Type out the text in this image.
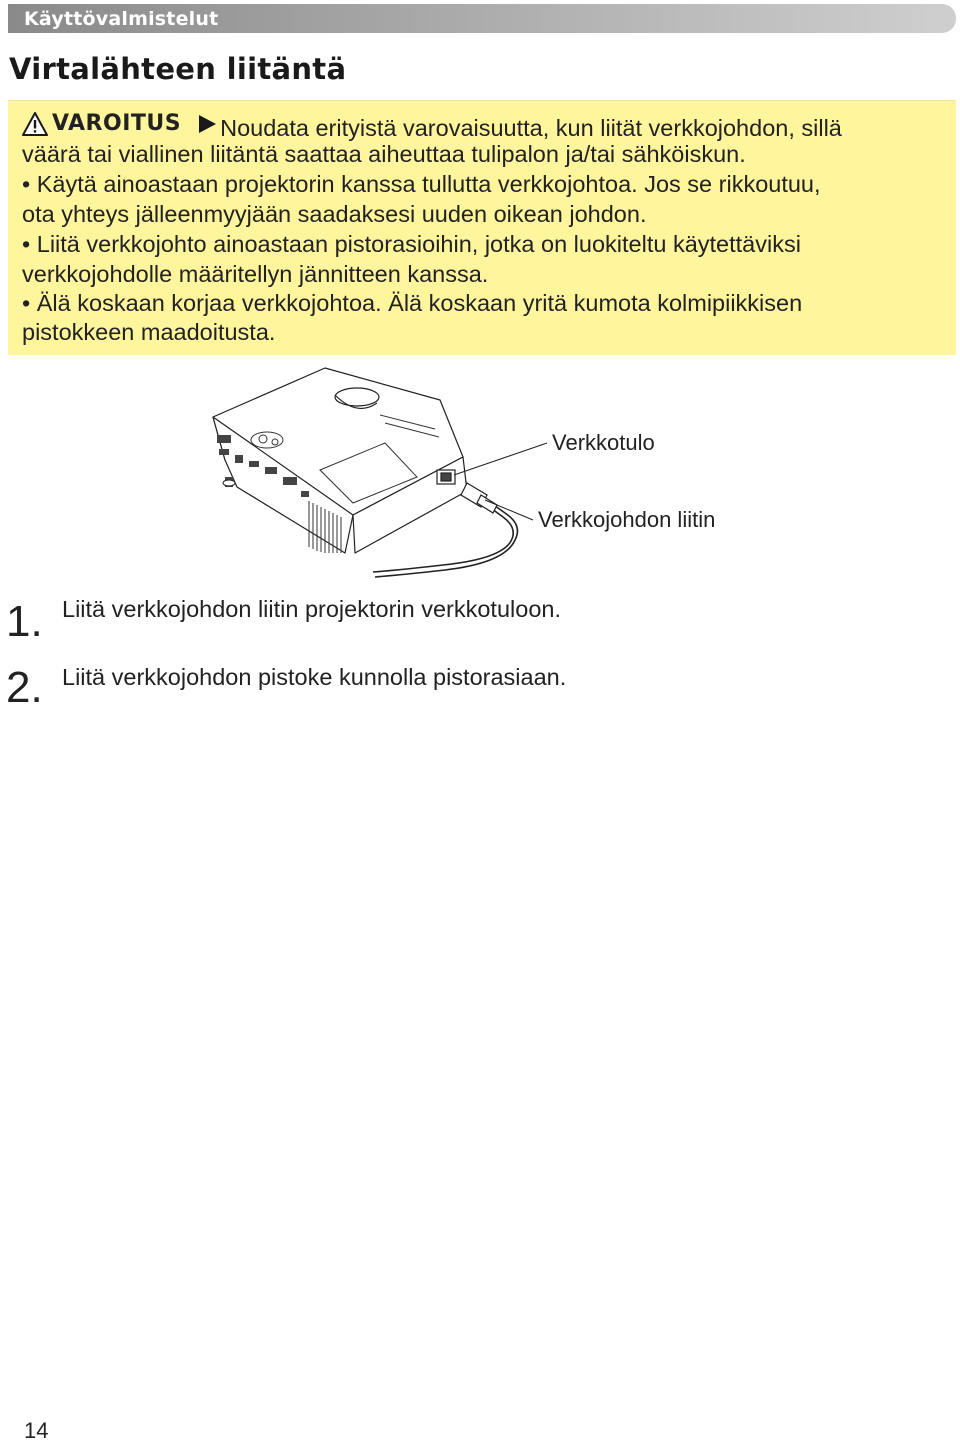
Käyttövalmistelut
Virtalähteen liitäntä
VAROITUS Noudata erityistä varovaisuutta, kun liität verkkojohdon, sillä
väärä tai viallinen liitäntä saattaa aiheuttaa tulipalon ja/tai sähköiskun.
• Käytä ainoastaan projektorin kanssa tullutta verkkojohtoa. Jos se rikkoutuu,
ota yhteys jälleenmyyjään saadaksesi uuden oikean johdon.
• Liitä verkkojohto ainoastaan pistorasioihin, jotka on luokiteltu käytettäviksi
verkkojohdolle määritellyn jännitteen kanssa.
• Älä koskaan korjaa verkkojohtoa. Älä koskaan yritä kumota kolmipiikkisen
pistokkeen maadoitusta.
Verkkotulo
Verkkojohdon liitin
1. Liitä verkkojohdon liitin projektorin verkkotuloon.
2. Liitä verkkojohdon pistoke kunnolla pistorasiaan.
14
